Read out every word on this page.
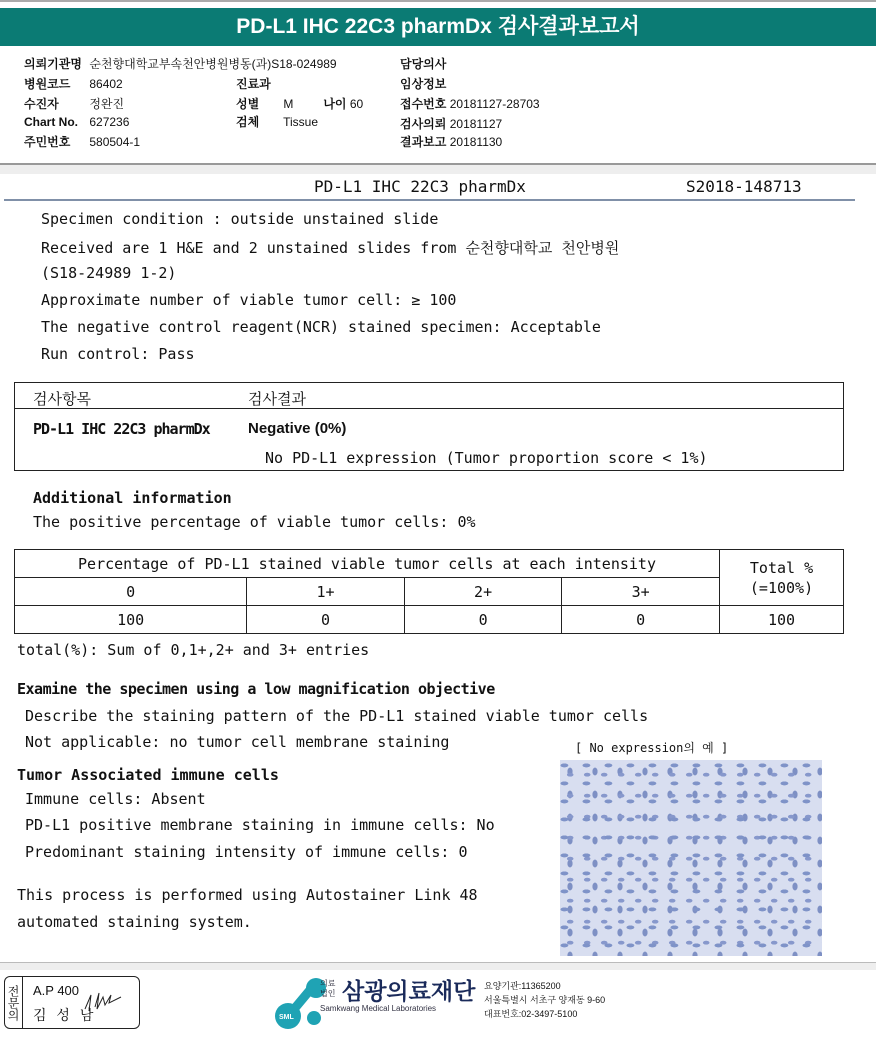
PD-L1 IHC 22C3 pharmDx 검사결과보고서
의뢰기관명 순천향대학교부속천안병원병동(과)S18-024989	담당의사
병원코드 86402	진료과	임상정보
수진자	정완진	성별 M	나이 60	접수번호 20181127-28703
Chart No. 627236	검체 Tissue	검사의뢰 20181127
주민번호 580504-1	결과보고 20181130
PD-L1 IHC 22C3 pharmDx	S2018-148713
Specimen condition : outside unstained slide
Received are 1 H&E and 2 unstained slides from 순천향대학교 천안병원
(S18-24989 1-2)
Approximate number of viable tumor cell: ≥ 100
The negative control reagent(NCR) stained specimen: Acceptable
Run control: Pass
검사항목	검사결과
PD-L1 IHC 22C3 pharmDx	Negative (0%)
No PD-L1 expression (Tumor proportion score < 1%)
Additional information
The positive percentage of viable tumor cells: 0%
Percentage of PD-L1 stained viable tumor cells at each intensity				Total %
(=100%)
0	1+	2+	3+	
100	0	0	0	100
total(%): Sum of 0,1+,2+ and 3+ entries
Examine the specimen using a low magnification objective
Describe the staining pattern of the PD-L1 stained viable tumor cells
Not applicable: no tumor cell membrane staining	[ No expression의 예 ]
Tumor Associated immune cells
Immune cells: Absent
PD-L1 positive membrane staining in immune cells: No
Predominant staining intensity of immune cells: 0
This process is performed using Autostainer Link 48
automated staining system.
전문의 A.P 400
김 성 남	SML
의료법인 삼광의료재단
Samkwang Medical Laboratories
요양기관:11365200
서울특별시 서초구 양재동 9-60
대표번호:02-3497-5100
